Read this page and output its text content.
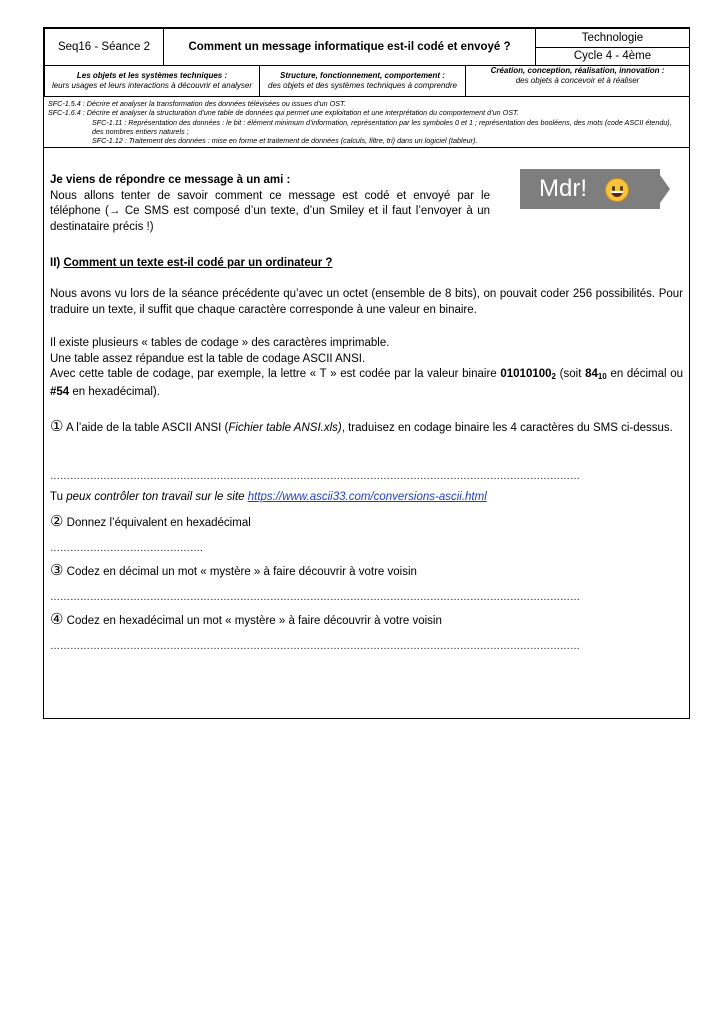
Seq16 - Séance 2	Comment un message informatique est-il codé et envoyé ?	Technologie
Cycle 4 - 4ème
Les objets et les systèmes techniques :
leurs usages et leurs interactions à découvrir et analyser

Structure, fonctionnement, comportement :
des objets et des systèmes techniques à comprendre

Création, conception, réalisation, innovation :
des objets à concevoir et à réaliser
SFC-1.5.4 : Décrire et analyser la transformation des données télévisées ou issues d’un OST.
SFC-1.6.4 : Décrire et analyser la structuration d’une table de données qui permet une exploitation et une interprétation du comportement d’un OST.
SFC-1.11 : Représentation des données : le bit : élément minimum d’information, représentation par les symboles 0 et 1 ; représentation des booléens, des mots (code ASCII étendu), des nombres entiers naturels ;
SFC-1.12 : Traitement des données : mise en forme et traitement de données (calculs, filtre, tri) dans un logiciel (tableur).
Je viens de répondre ce message à un ami :
Nous allons tenter de savoir comment ce message est codé et envoyé par le téléphone (→ Ce SMS est composé d’un texte, d’un Smiley et il faut l’envoyer à un destinataire précis !)
Mdr!
II) Comment un texte est-il codé par un ordinateur ?
Nous avons vu lors de la séance précédente qu’avec un octet (ensemble de 8 bits), on pouvait coder 256 possibilités. Pour traduire un texte, il suffit que chaque caractère corresponde à une valeur en binaire.
Il existe plusieurs « tables de codage » des caractères imprimable.
Une table assez répandue est la table de codage ASCII ANSI.
Avec cette table de codage, par exemple, la lettre « T » est codée par la valeur binaire $01010100_2$ (soit $84_{10}$ en décimal ou #54 en hexadécimal).
① A l’aide de la table ASCII ANSI (Fichier table ANSI.xls), traduisez en codage binaire les 4 caractères du SMS ci-dessus.
……………………………………………………………………………………………………………………………………………
Tu peux contrôler ton travail sur le site https://www.ascii33.com/conversions-ascii.html
② Donnez l’équivalent en hexadécimal
……………………………………….
③ Codez en décimal un mot « mystère » à faire découvrir à votre voisin
……………………………………………………………………………………………………………………………………………
④ Codez en hexadécimal un mot « mystère » à faire découvrir à votre voisin
……………………………………………………………………………………………………………………………………………
